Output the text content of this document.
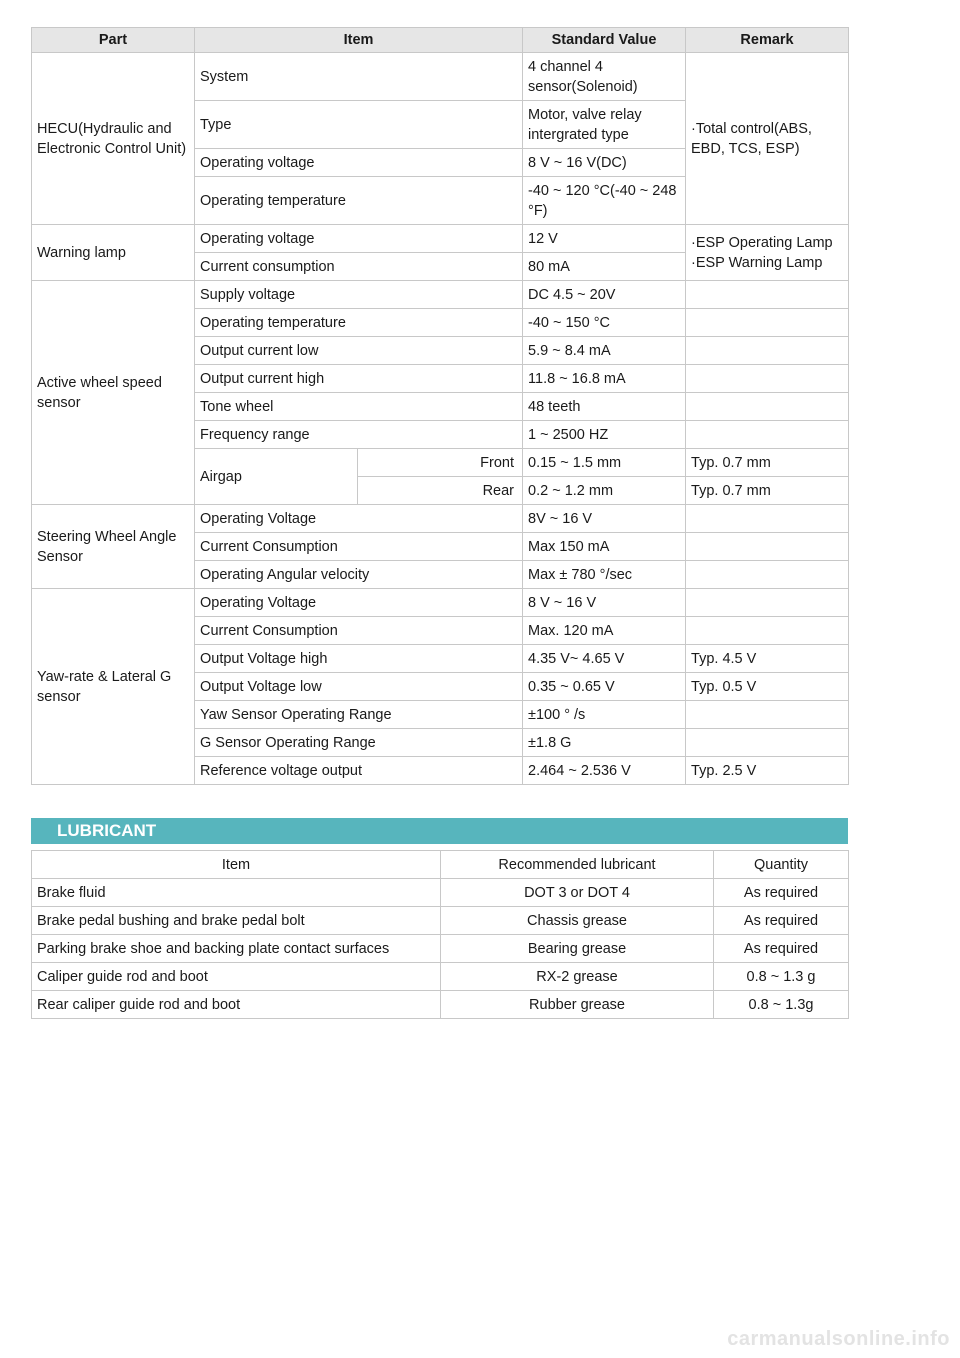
Part	Item		Standard Value	Remark
HECU(Hydraulic and Electronic Control Unit)	System		4 channel 4 sensor(Solenoid)	·Total control(ABS, EBD, TCS, ESP)
	Type		Motor, valve relay intergrated type	
	Operating voltage		8 V ~ 16 V(DC)	
	Operating temperature		-40 ~ 120 °C(-40 ~ 248 °F)	
Warning lamp	Operating voltage		12 V	·ESP Operating Lamp
·ESP Warning Lamp

	Current consumption		80 mA	
Active wheel speed sensor	Supply voltage		DC 4.5 ~ 20V	
	Operating temperature		-40 ~ 150 °C	
	Output current low		5.9 ~ 8.4 mA	
	Output current high		11.8 ~ 16.8 mA	
	Tone wheel		48 teeth	
	Frequency range		1 ~ 2500 HZ	
	Airgap	Front	0.15 ~ 1.5 mm	Typ. 0.7 mm
		Rear	0.2 ~ 1.2 mm	Typ. 0.7 mm
Steering Wheel Angle Sensor	Operating Voltage		8V ~ 16 V	
	Current Consumption		Max 150 mA	
	Operating Angular velocity		Max ± 780 °/sec	
Yaw-rate & Lateral G sensor	Operating Voltage		8 V ~ 16 V	
	Current Consumption		Max. 120 mA	
	Output Voltage high		4.35 V~ 4.65 V	Typ. 4.5 V
	Output Voltage low		0.35 ~ 0.65 V	Typ. 0.5 V
	Yaw Sensor Operating Range		±100 ° /s	
	G Sensor Operating Range		±1.8 G	
	Reference voltage output		2.464 ~ 2.536 V	Typ. 2.5 V
LUBRICANT
Item	Recommended lubricant	Quantity
Brake fluid	DOT 3 or DOT 4	As required
Brake pedal bushing and brake pedal bolt	Chassis grease	As required
Parking brake shoe and backing plate contact surfaces	Bearing grease	As required
Caliper guide rod and boot	RX-2 grease	0.8 ~ 1.3 g
Rear caliper guide rod and boot	Rubber grease	0.8 ~ 1.3g
carmanualsonline.info
